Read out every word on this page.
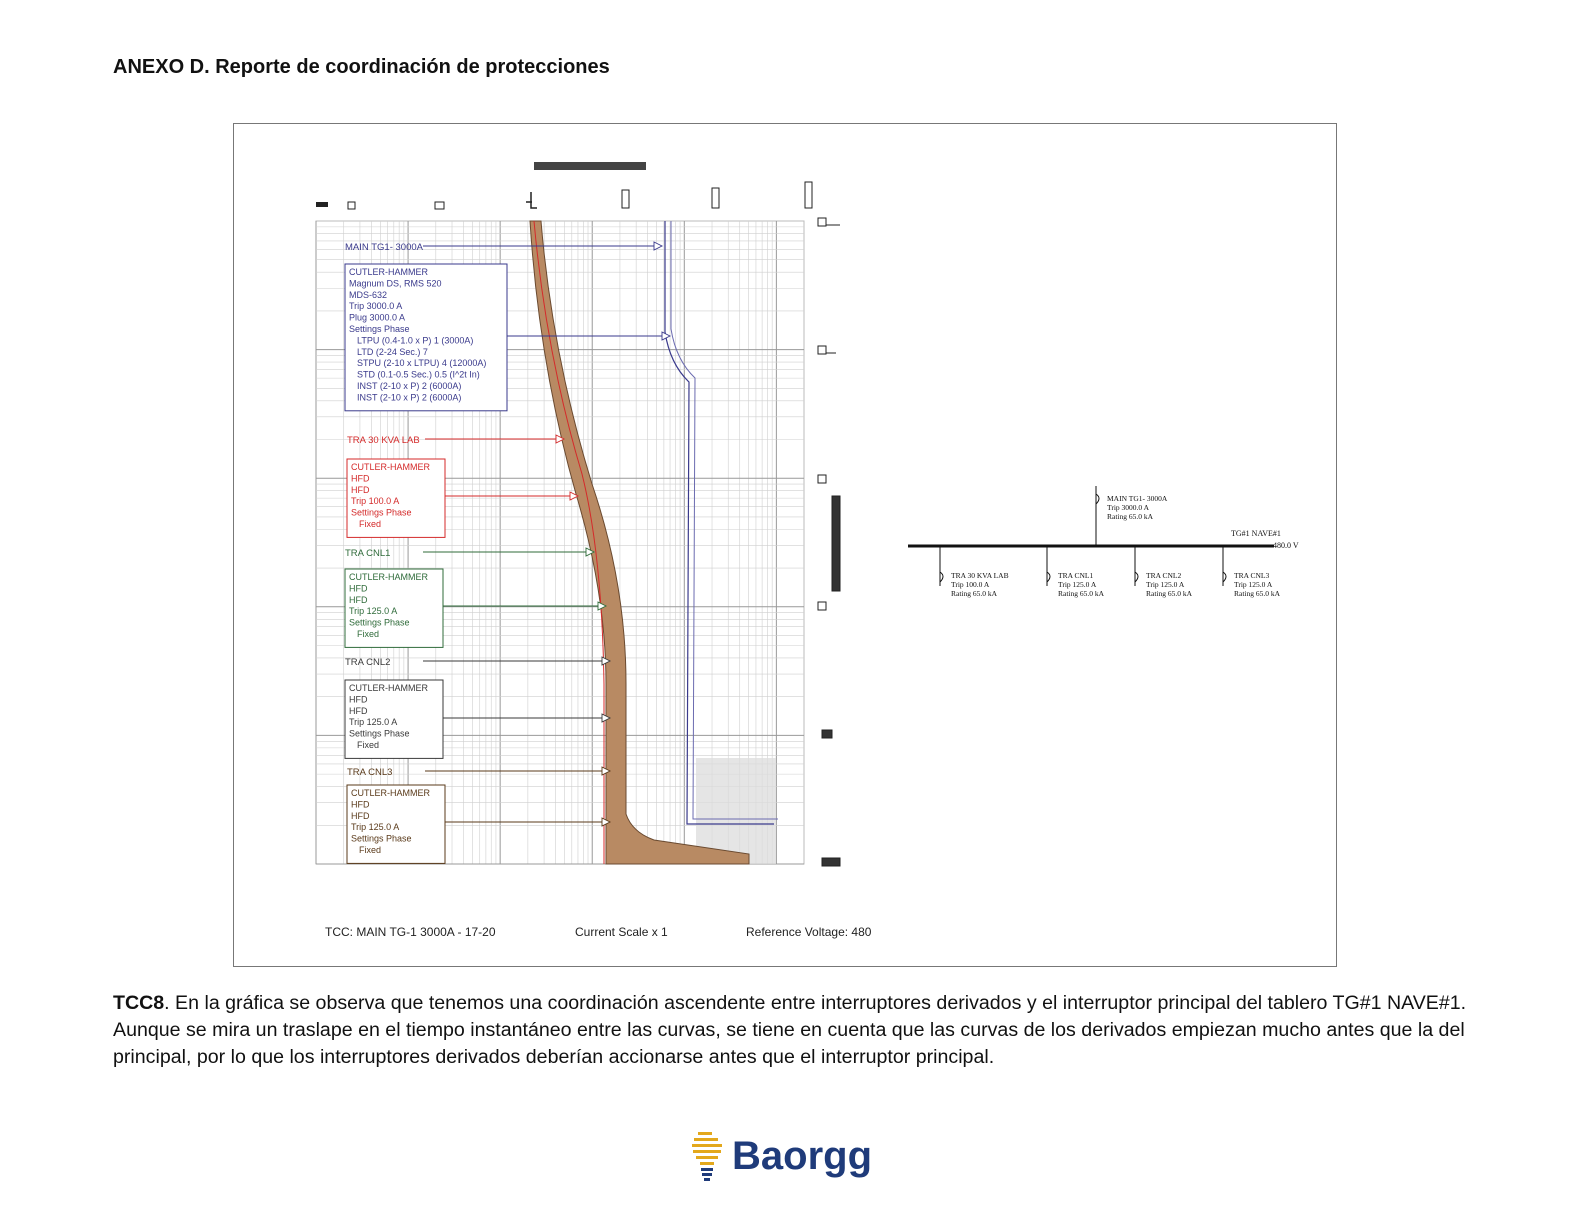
ANEXO D. Reporte de coordinación de protecciones
MAIN TG1- 3000A
CUTLER-HAMMER
Magnum DS, RMS 520
MDS-632
Trip 3000.0 A
Plug 3000.0 A
Settings Phase
LTPU (0.4-1.0 x P) 1 (3000A)
LTD (2-24 Sec.) 7
STPU (2-10 x LTPU) 4 (12000A)
STD (0.1-0.5 Sec.) 0.5 (I^2t In)
INST (2-10 x P) 2 (6000A)
INST (2-10 x P) 2 (6000A)
TRA 30 KVA LAB
CUTLER-HAMMER
HFD
HFD
Trip 100.0 A
Settings Phase
Fixed
TRA CNL1
CUTLER-HAMMER
HFD
HFD
Trip 125.0 A
Settings Phase
Fixed
TRA CNL2
CUTLER-HAMMER
HFD
HFD
Trip 125.0 A
Settings Phase
Fixed
TRA CNL3
CUTLER-HAMMER
HFD
HFD
Trip 125.0 A
Settings Phase
Fixed
TG#1 NAVE#1
480.0 V
MAIN TG1- 3000A
Trip 3000.0 A
Rating 65.0 kA
TRA 30 KVA LAB
Trip 100.0 A
Rating 65.0 kA
TRA CNL1
Trip 125.0 A
Rating 65.0 kA
TRA CNL2
Trip 125.0 A
Rating 65.0 kA
TRA CNL3
Trip 125.0 A
Rating 65.0 kA
TCC: MAIN TG-1 3000A - 17-20	Current Scale x 1	Reference Voltage: 480
TCC8. En la gráfica se observa que tenemos una coordinación ascendente entre interruptores derivados y el interruptor principal del tablero TG#1 NAVE#1. Aunque se mira un traslape en el tiempo instantáneo entre las curvas, se tiene en cuenta que las curvas de los derivados empiezan mucho antes que la del principal, por lo que los interruptores derivados deberían accionarse antes que el interruptor principal.
Baorgg
